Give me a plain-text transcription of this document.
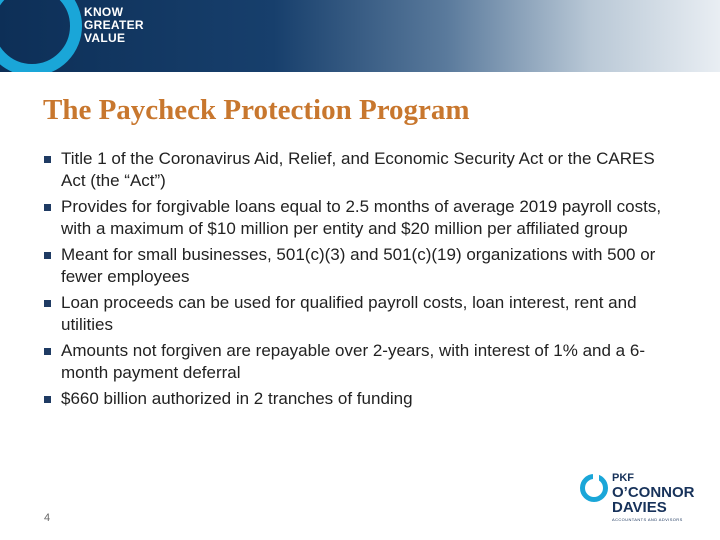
KNOW
GREATER
VALUE
The Paycheck Protection Program
Title 1 of the Coronavirus Aid, Relief, and Economic Security Act or the CARES Act (the “Act”)
Provides for forgivable loans equal to 2.5 months of average 2019 payroll costs, with a maximum of $10 million per entity and $20 million per affiliated group
Meant for small businesses, 501(c)(3) and 501(c)(19) organizations with 500 or fewer employees
Loan proceeds can be used for qualified payroll costs, loan interest, rent and utilities
Amounts not forgiven are repayable over 2-years, with interest of 1% and a 6-month payment deferral
$660 billion authorized in 2 tranches of funding
4
PKF
O’CONNOR
DAVIES
ACCOUNTANTS AND ADVISORS
